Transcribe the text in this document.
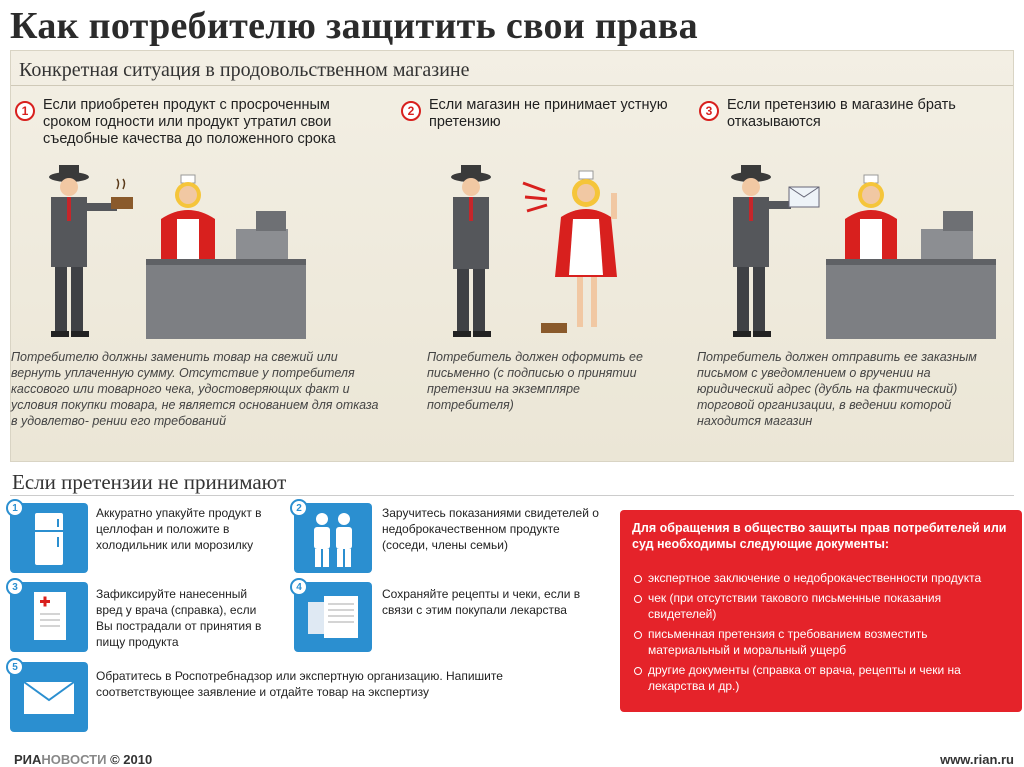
Как потребителю защитить свои права
Конкретная ситуация в продовольственном магазине
1	Если приобретен продукт с просроченным сроком годности или продукт утратил свои съедобные качества до положенного срока
2	Если магазин не принимает устную претензию
3	Если претензию в магазине брать отказываются
Потребителю должны заменить товар на свежий или вернуть уплаченную сумму. Отсутствие у потребителя кассового или товарного чека, удостоверяющих факт и условия покупки товара, не является основанием для отказа в удовлетво- рении его требований
Потребитель должен оформить ее письменно (с подписью о принятии претензии на экземпляре потребителя)
Потребитель должен отправить ее заказным письмом с уведомлением о вручении на юридический адрес (дубль на фактический) торговой организации, в ведении которой находится магазин
Если претензии не принимают
1	Аккуратно упакуйте продукт в целлофан и положите в холодильник или морозилку
2	Заручитесь показаниями свидетелей о недоброкачественном продукте (соседи, члены семьи)
3	Зафиксируйте нанесенный вред у врача (справка), если Вы пострадали от принятия в пищу продукта
4	Сохраняйте рецепты и чеки, если в связи с этим покупали лекарства
5
Обратитесь в Роспотребнадзор или экспертную организацию. Напишите соответствующее заявление и отдайте товар на экспертизу
Для обращения в общество защиты прав потребителей или суд необходимы следующие документы:
экспертное заключение о недоброкачественности продукта
чек (при отсутствии такового письменные показания свидетелей)
письменная претензия с требованием возместить материальный и моральный ущерб
другие документы (справка от врача, рецепты и чеки на лекарства и др.)
РИАНОВОСТИ © 2010	www.rian.ru
